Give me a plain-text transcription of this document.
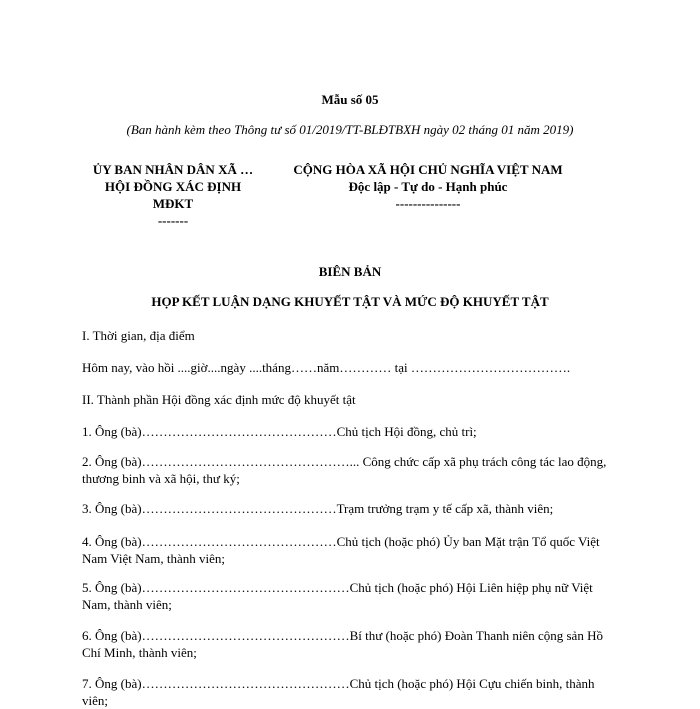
Mẫu số 05
(Ban hành kèm theo Thông tư số 01/2019/TT-BLĐTBXH ngày 02 tháng 01 năm 2019)
ỦY BAN NHÂN DÂN XÃ …
HỘI ĐỒNG XÁC ĐỊNH
MĐKT
-------
CỘNG HÒA XÃ HỘI CHỦ NGHĨA VIỆT NAM
Độc lập - Tự do - Hạnh phúc
---------------
BIÊN BẢN
HỌP KẾT LUẬN DẠNG KHUYẾT TẬT VÀ MỨC ĐỘ KHUYẾT TẬT
I. Thời gian, địa điểm
Hôm nay, vào hồi ....giờ....ngày ....tháng……năm………… tại ……………………………….
II. Thành phần Hội đồng xác định mức độ khuyết tật
1. Ông (bà)………………………………………Chủ tịch Hội đồng, chủ trì;
2. Ông (bà)…………………………………………... Công chức cấp xã phụ trách công tác lao động, thương binh và xã hội, thư ký;
3. Ông (bà)………………………………………Trạm trưởng trạm y tế cấp xã, thành viên;
4. Ông (bà)………………………………………Chủ tịch (hoặc phó) Ủy ban Mặt trận Tổ quốc Việt Nam Việt Nam, thành viên;
5. Ông (bà)…………………………………………Chủ tịch (hoặc phó) Hội Liên hiệp phụ nữ Việt Nam, thành viên;
6. Ông (bà)…………………………………………Bí thư (hoặc phó) Đoàn Thanh niên cộng sản Hồ Chí Minh, thành viên;
7. Ông (bà)…………………………………………Chủ tịch (hoặc phó) Hội Cựu chiến binh, thành viên;
